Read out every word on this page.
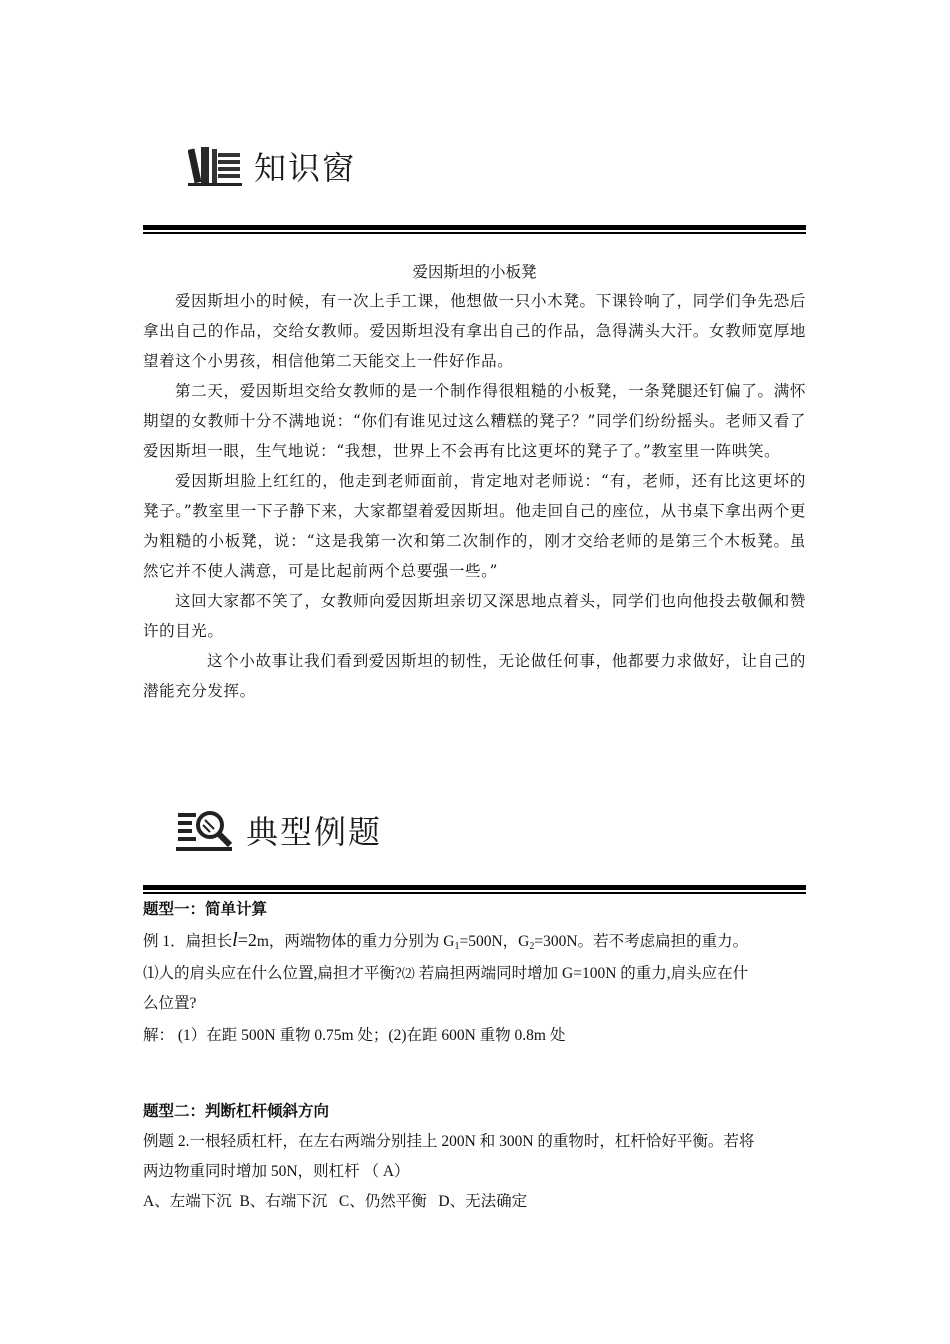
知识窗
爱因斯坦的小板凳

爱因斯坦小的时候，有一次上手工课，他想做一只小木凳。下课铃响了，同学们争先恐后拿出自己的作品，交给女教师。爱因斯坦没有拿出自己的作品，急得满头大汗。女教师宽厚地望着这个小男孩，相信他第二天能交上一件好作品。

第二天，爱因斯坦交给女教师的是一个制作得很粗糙的小板凳，一条凳腿还钉偏了。满怀期望的女教师十分不满地说：“你们有谁见过这么糟糕的凳子？”同学们纷纷摇头。老师又看了爱因斯坦一眼，生气地说：“我想，世界上不会再有比这更坏的凳子了。”教室里一阵哄笑。

爱因斯坦脸上红红的，他走到老师面前，肯定地对老师说：“有，老师，还有比这更坏的凳子。”教室里一下子静下来，大家都望着爱因斯坦。他走回自己的座位，从书桌下拿出两个更为粗糙的小板凳，说：“这是我第一次和第二次制作的，刚才交给老师的是第三个木板凳。虽然它并不使人满意，可是比起前两个总要强一些。”

这回大家都不笑了，女教师向爱因斯坦亲切又深思地点着头，同学们也向他投去敬佩和赞许的目光。

这个小故事让我们看到爱因斯坦的韧性，无论做任何事，他都要力求做好，让自己的潜能充分发挥。

典型例题

题型一：简单计算

例 1．扁担长l=2m，两端物体的重力分别为 G1=500N，G2=300N。若不考虑扁担的重力。

⑴人的肩头应在什么位置,扁担才平衡?⑵ 若扁担两端同时增加 G=100N 的重力,肩头应在什

么位置?

解： (1）在距 500N 重物 0.75m 处；(2)在距 600N 重物 0.8m 处

题型二：判断杠杆倾斜方向

例题 2.一根轻质杠杆，在左右两端分别挂上 200N 和 300N 的重物时，杠杆恰好平衡。若将

两边物重同时增加 50N，则杠杆 （ A）

A、左端下沉  B、右端下沉   C、仍然平衡   D、无法确定
